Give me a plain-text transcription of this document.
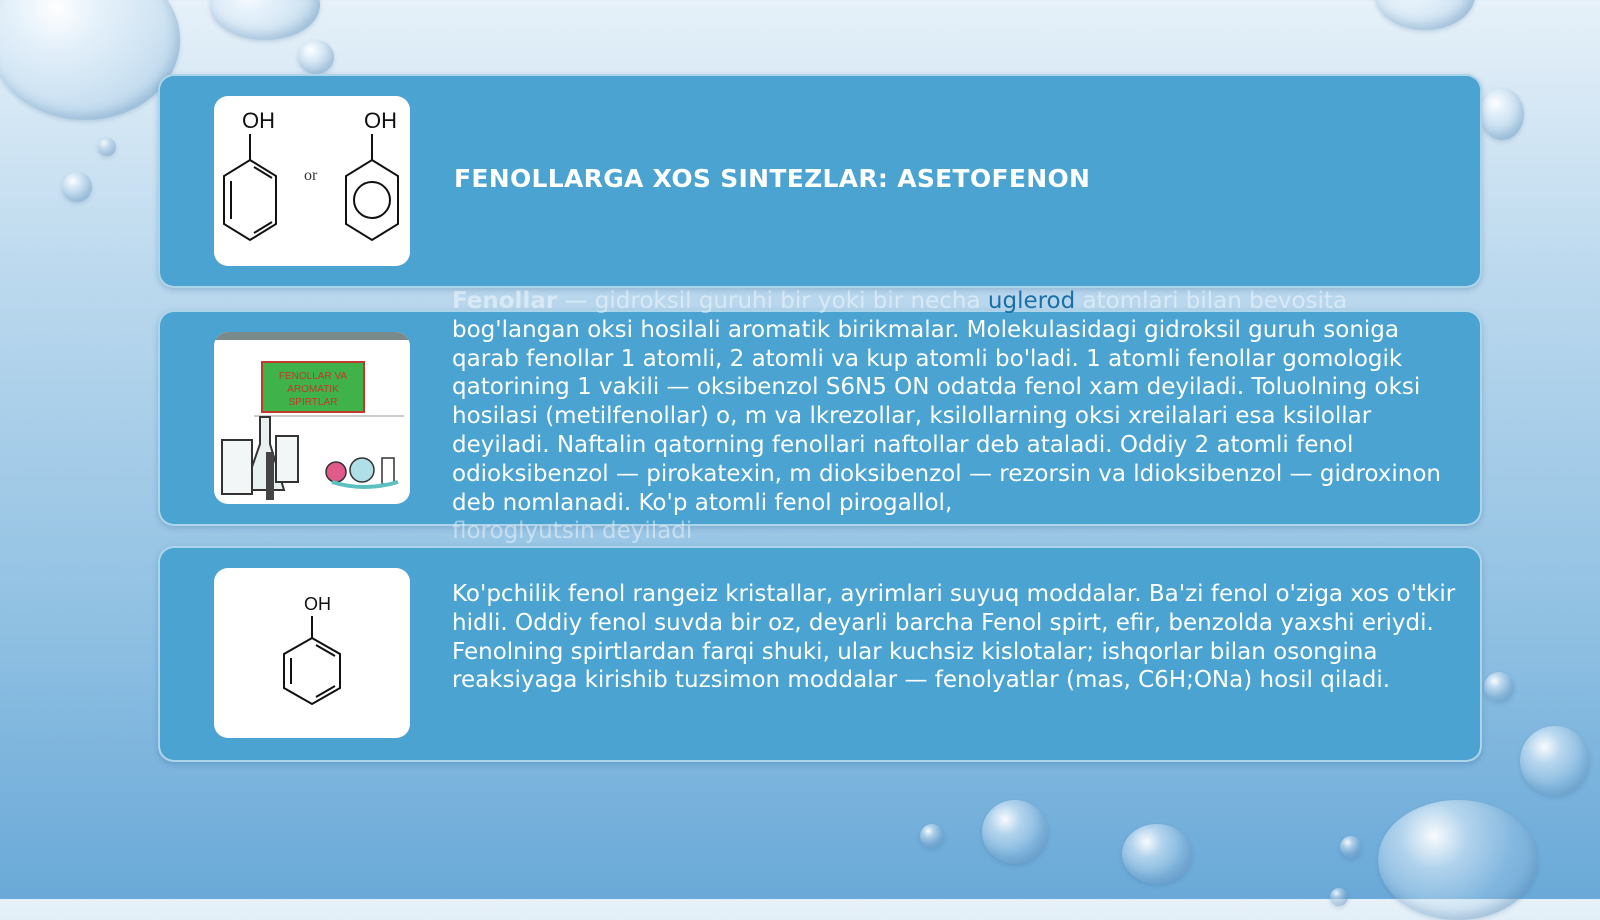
OH
or
OH
FENOLLARGA XOS SINTEZLAR: ASETOFENON
FENOLLAR VA
AROMATIK
SPIRTLAR
OH

Fenollar — gidroksil guruhi bir yoki bir necha uglerod atomlari bilan bevosita
bog'langan oksi hosilali aromatik birikmalar. Molekulasidagi gidroksil guruh soniga qarab fenollar 1 atomli, 2 atomli va kup atomli bo'ladi. 1 atomli fenollar gomologik qatorining 1 vakili — oksibenzol S6N5 ON odatda fenol xam deyiladi. Toluolning oksi hosilasi (metilfenollar) o, m va lkrezollar, ksilollarning oksi xreilalari esa ksilollar deyiladi. Naftalin qatorning fenollari naftollar deb ataladi. Oddiy 2 atomli fenol odioksibenzol — pirokatexin, m dioksibenzol — rezorsin va ldioksibenzol — gidroxinon deb nomlanadi. Ko'p atomli fenol pirogallol,
floroglyutsin deyiladi

Ko'pchilik fenol rangeiz kristallar, ayrimlari suyuq moddalar. Ba'zi fenol o'ziga xos o'tkir hidli. Oddiy fenol suvda bir oz, deyarli barcha Fenol spirt, efir, benzolda yaxshi eriydi. Fenolning spirtlardan farqi shuki, ular kuchsiz kislotalar; ishqorlar bilan osongina reaksiyaga kirishib tuzsimon moddalar — fenolyatlar (mas, C6H;ONa) hosil qiladi.
